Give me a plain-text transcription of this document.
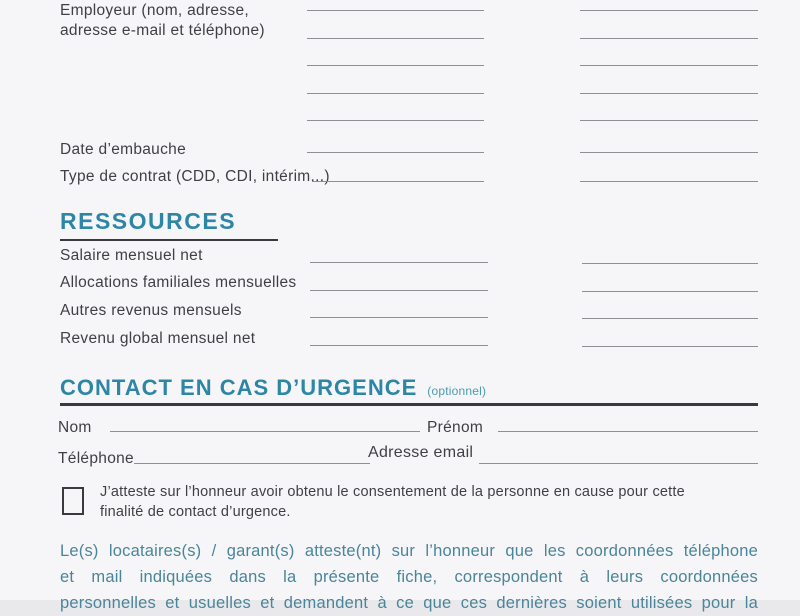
Employeur (nom, adresse,
adresse e-mail et téléphone)
Date d’embauche
Type de contrat (CDD, CDI, intérim...)
RESSOURCES
Salaire mensuel net
Allocations familiales mensuelles
Autres revenus mensuels
Revenu global mensuel net
CONTACT EN CAS D’URGENCE (optionnel)
Nom	Prénom
Téléphone	Adresse email
J’atteste sur l’honneur avoir obtenu le consentement de la personne en cause pour cette
finalité de contact d’urgence.
Le(s) locataires(s) / garant(s) atteste(nt) sur l’honneur que les coordonnées téléphone
et mail indiquées dans la présente fiche, correspondent à leurs coordonnées
personnelles et usuelles et demandent à ce que ces dernières soient utilisées pour la
